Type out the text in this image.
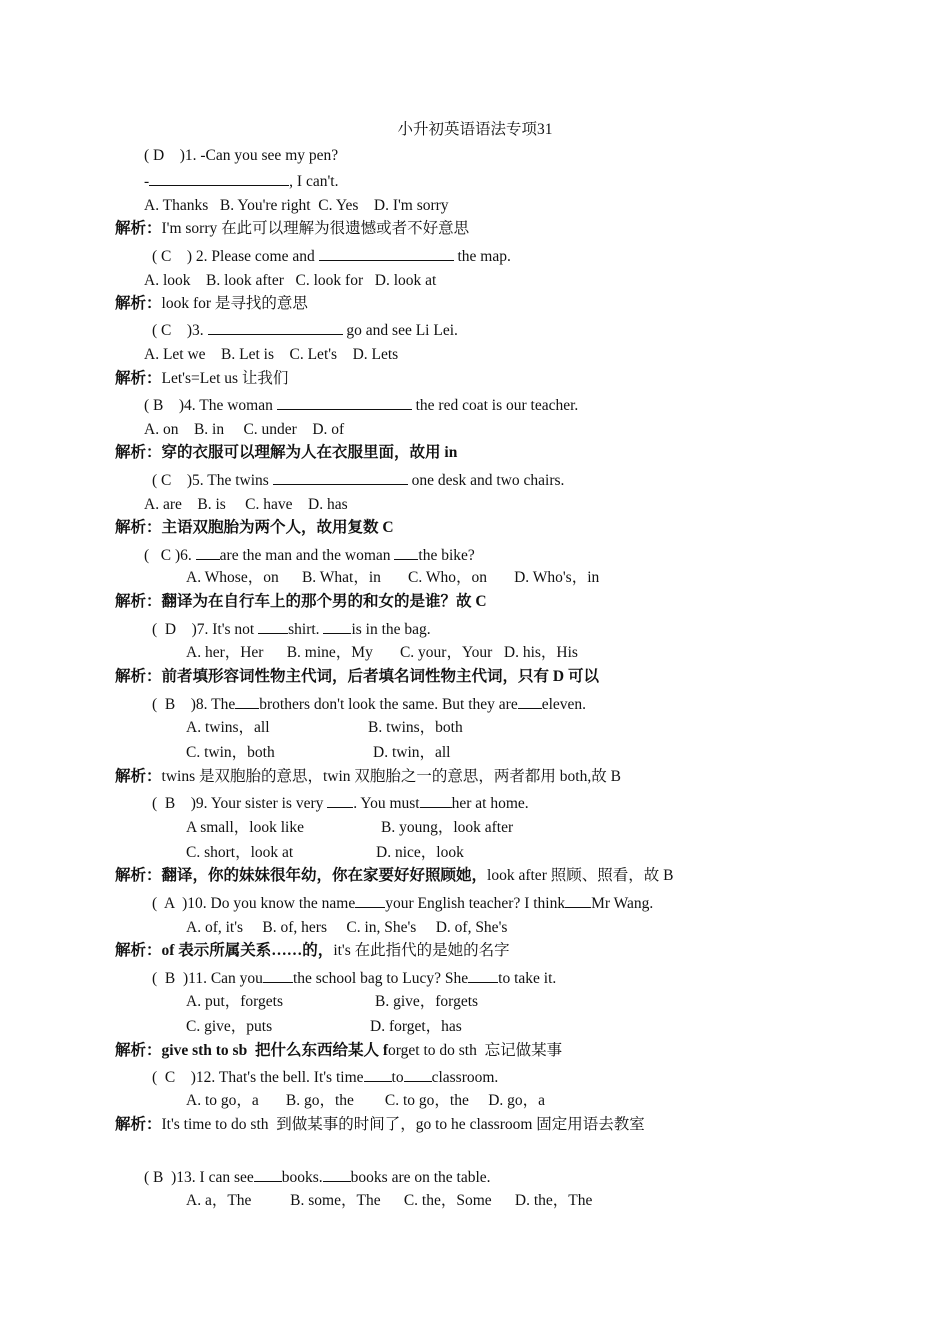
小升初英语语法专项31
( D    )1. -Can you see my pen?
-	, I can't.
A. Thanks   B. You're right  C. Yes    D. I'm sorry
解析：I'm sorry 在此可以理解为很遗憾或者不好意思
( C    ) 2. Please come and	the map.
A. look    B. look after   C. look for   D. look at
解析：look for 是寻找的意思
( C    )3.	go and see Li Lei.
A. Let we    B. Let is    C. Let's    D. Lets
解析：Let's=Let us 让我们
( B    )4. The woman	the red coat is our teacher.
A. on    B. in     C. under    D. of
解析：穿的衣服可以理解为人在衣服里面，故用 in
( C    )5. The twins	one desk and two chairs.
A. are    B. is     C. have    D. has
解析：主语双胞胎为两个人，故用复数 C
(   C )6. are the man and the woman the bike?
A. Whose，on      B. What，in       C. Who，on       D. Who's，in
解析：翻译为在自行车上的那个男的和女的是谁？故 C
(  D    )7. It's not shirt. is in the bag.
A. her，Her      B. mine，My       C. your，Your   D. his，His
解析：前者填形容词性物主代词，后者填名词性物主代词，只有 D 可以
(  B    )8. The brothers don't look the same. But they are eleven.
A. twins，all	B. twins，both
C. twin，both	D. twin，all
解析：twins 是双胞胎的意思，twin 双胞胎之一的意思，两者都用 both,故 B
(  B    )9. Your sister is very . You must her at home.
A small，look like	B. young，look after
C. short，look at	D. nice，look
解析：翻译，你的妹妹很年幼，你在家要好好照顾她，look after 照顾、照看，故 B
(  A  )10. Do you know the name your English teacher? I think Mr Wang.
A. of, it's     B. of, hers     C. in, She's     D. of, She's
解析：of 表示所属关系……的，it's 在此指代的是她的名字
(  B  )11. Can you the school bag to Lucy? She to take it.
A. put，forgets	B. give，forgets
C. give，puts	D. forget，has
解析：give sth to sb  把什么东西给某人 forget to do sth  忘记做某事
(  C    )12. That's the bell. It's time to classroom.
A. to go，a       B. go，the        C. to go，the     D. go，a
解析：It's time to do sth  到做某事的时间了，go to he classroom 固定用语去教室
( B  )13. I can see books. books are on the table.
A. a，The          B. some，The      C. the，Some      D. the，The
